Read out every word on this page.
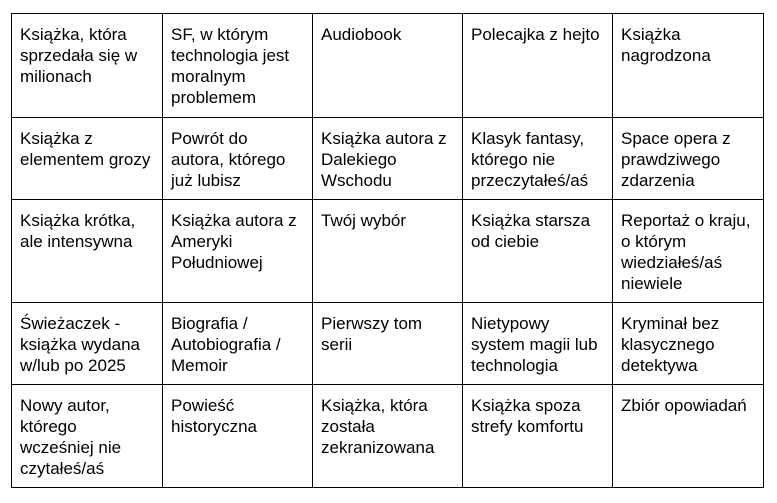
Książka, która sprzedała się w milionach	SF, w którym technologia jest moralnym problemem	Audiobook	Polecajka z hejto	Książka nagrodzona
Książka z elementem grozy	Powrót do autora, którego już lubisz	Książka autora z Dalekiego Wschodu	Klasyk fantasy, którego nie przeczytałeś/aś	Space opera z prawdziwego zdarzenia
Książka krótka, ale intensywna	Książka autora z Ameryki Południowej	Twój wybór	Książka starsza od ciebie	Reportaż o kraju, o którym wiedziałeś/aś niewiele
Świeżaczek - książka wydana w/lub po 2025	Biografia / Autobiografia / Memoir	Pierwszy tom serii	Nietypowy system magii lub technologia	Kryminał bez klasycznego detektywa
Nowy autor, którego wcześniej nie czytałeś/aś	Powieść historyczna	Książka, która została zekranizowana	Książka spoza strefy komfortu	Zbiór opowiadań
